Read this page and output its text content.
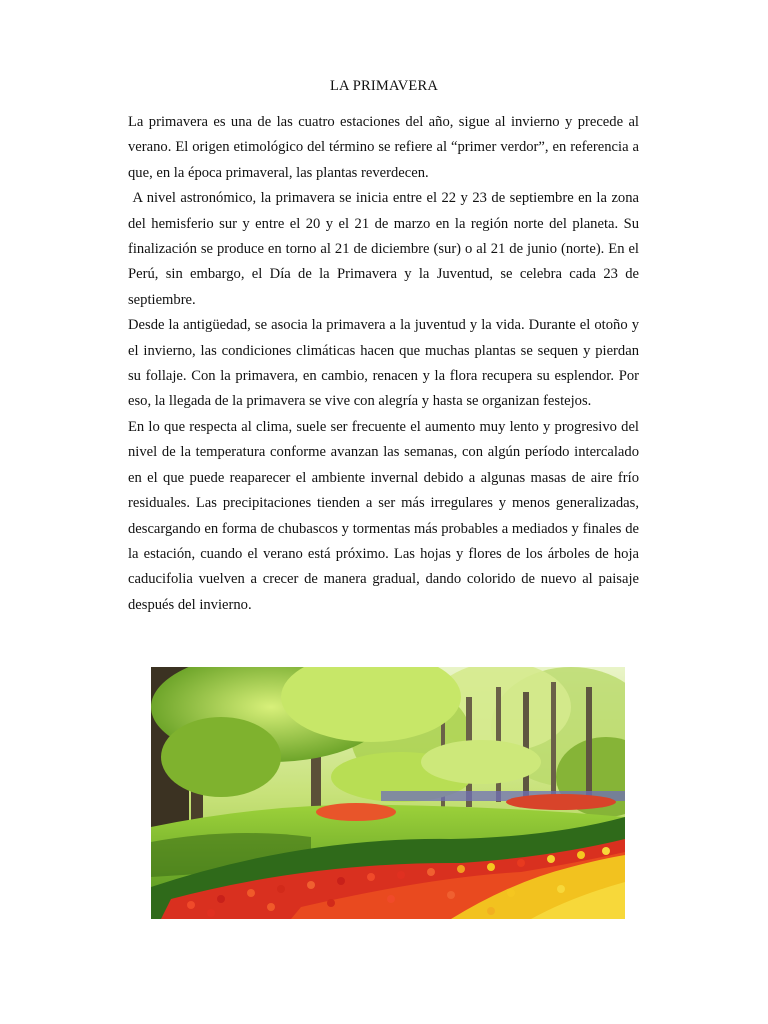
LA PRIMAVERA

La primavera es una de las cuatro estaciones del año, sigue al invierno y precede al verano. El origen etimológico del término se refiere al “primer verdor”, en referencia a que, en la época primaveral, las plantas reverdecen.

A nivel astronómico, la primavera se inicia entre el 22 y 23 de septiembre en la zona del hemisferio sur y entre el 20 y el 21 de marzo en la región norte del planeta. Su finalización se produce en torno al 21 de diciembre (sur) o al 21 de junio (norte). En el Perú, sin embargo, el Día de la Primavera y la Juventud, se celebra cada 23 de septiembre.

Desde la antigüedad, se asocia la primavera a la juventud y la vida. Durante el otoño y el invierno, las condiciones climáticas hacen que muchas plantas se sequen y pierdan su follaje. Con la primavera, en cambio, renacen y la flora recupera su esplendor. Por eso, la llegada de la primavera se vive con alegría y hasta se organizan festejos.

En lo que respecta al clima, suele ser frecuente el aumento muy lento y progresivo del nivel de la temperatura conforme avanzan las semanas, con algún período intercalado en el que puede reaparecer el ambiente invernal debido a algunas masas de aire frío residuales. Las precipitaciones tienden a ser más irregulares y menos generalizadas, descargando en forma de chubascos y tormentas más probables a mediados y finales de la estación, cuando el verano está próximo. Las hojas y flores de los árboles de hoja caducifolia vuelven a crecer de manera gradual, dando colorido de nuevo al paisaje después del invierno.
